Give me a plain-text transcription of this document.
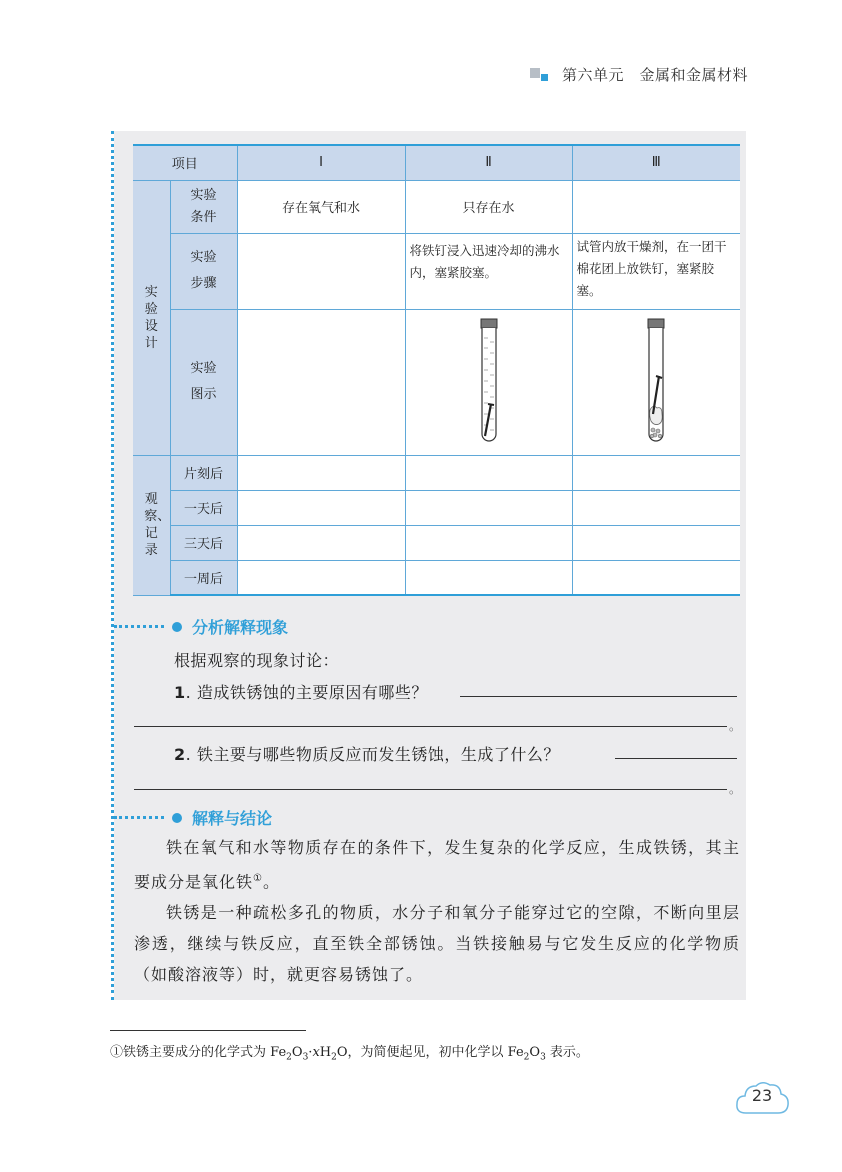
第六单元　金属和金属材料
项目		Ⅰ	Ⅱ	Ⅲ
实验设计	实验条件	存在氧气和水	只存在水	
	实验步骤		将铁钉浸入迅速冷却的沸水内，塞紧胶塞。	试管内放干燥剂，在一团干棉花团上放铁钉，塞紧胶塞。
	实验图示		

观察、记录	片刻后			
	一天后			
	三天后			
	一周后			
分析解释现象
根据观察的现象讨论：
1. 造成铁锈蚀的主要原因有哪些？
。
2. 铁主要与哪些物质反应而发生锈蚀，生成了什么？
。
解释与结论

铁在氧气和水等物质存在的条件下，发生复杂的化学反应，生成铁锈，其主要成分是氧化铁①。

铁锈是一种疏松多孔的物质，水分子和氧分子能穿过它的空隙，不断向里层渗透，继续与铁反应，直至铁全部锈蚀。当铁接触易与它发生反应的化学物质（如酸溶液等）时，就更容易锈蚀了。

①铁锈主要成分的化学式为 $Fe_2O_3\cdot xH_2O$，为简便起见，初中化学以 $Fe_2O_3$ 表示。
23
